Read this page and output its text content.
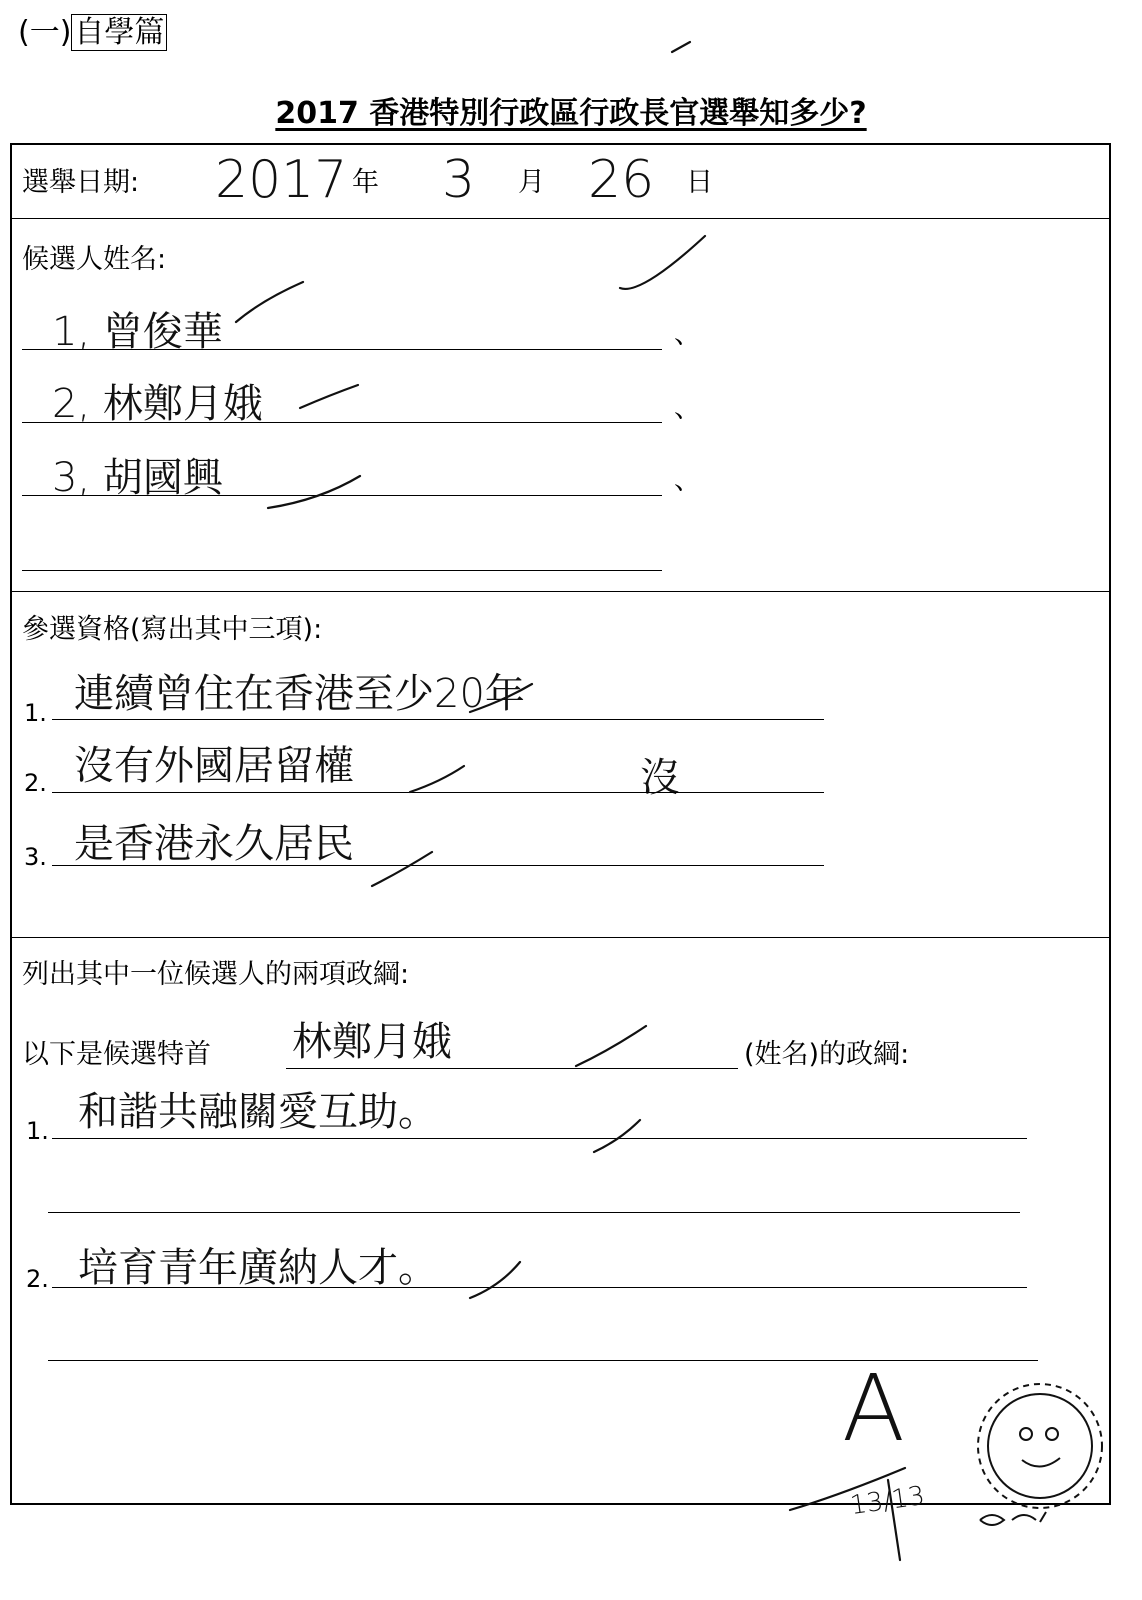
(一) 自學篇
2017 香港特別行政區行政長官選舉知多少?
選舉日期: 2017 年 3 月 26 日
候選人姓名:
1, 曾俊華	、
2, 林鄭月娥	、
3, 胡國興	、
參選資格(寫出其中三項):
1. 連續曾住在香港至少20年
2. 沒有外國居留權	沒
3. 是香港永久居民
列出其中一位候選人的兩項政綱:
以下是候選特首 林鄭月娥	(姓名)的政綱:
1. 和諧共融關愛互助。
2. 培育青年廣納人才。
A
13/13
